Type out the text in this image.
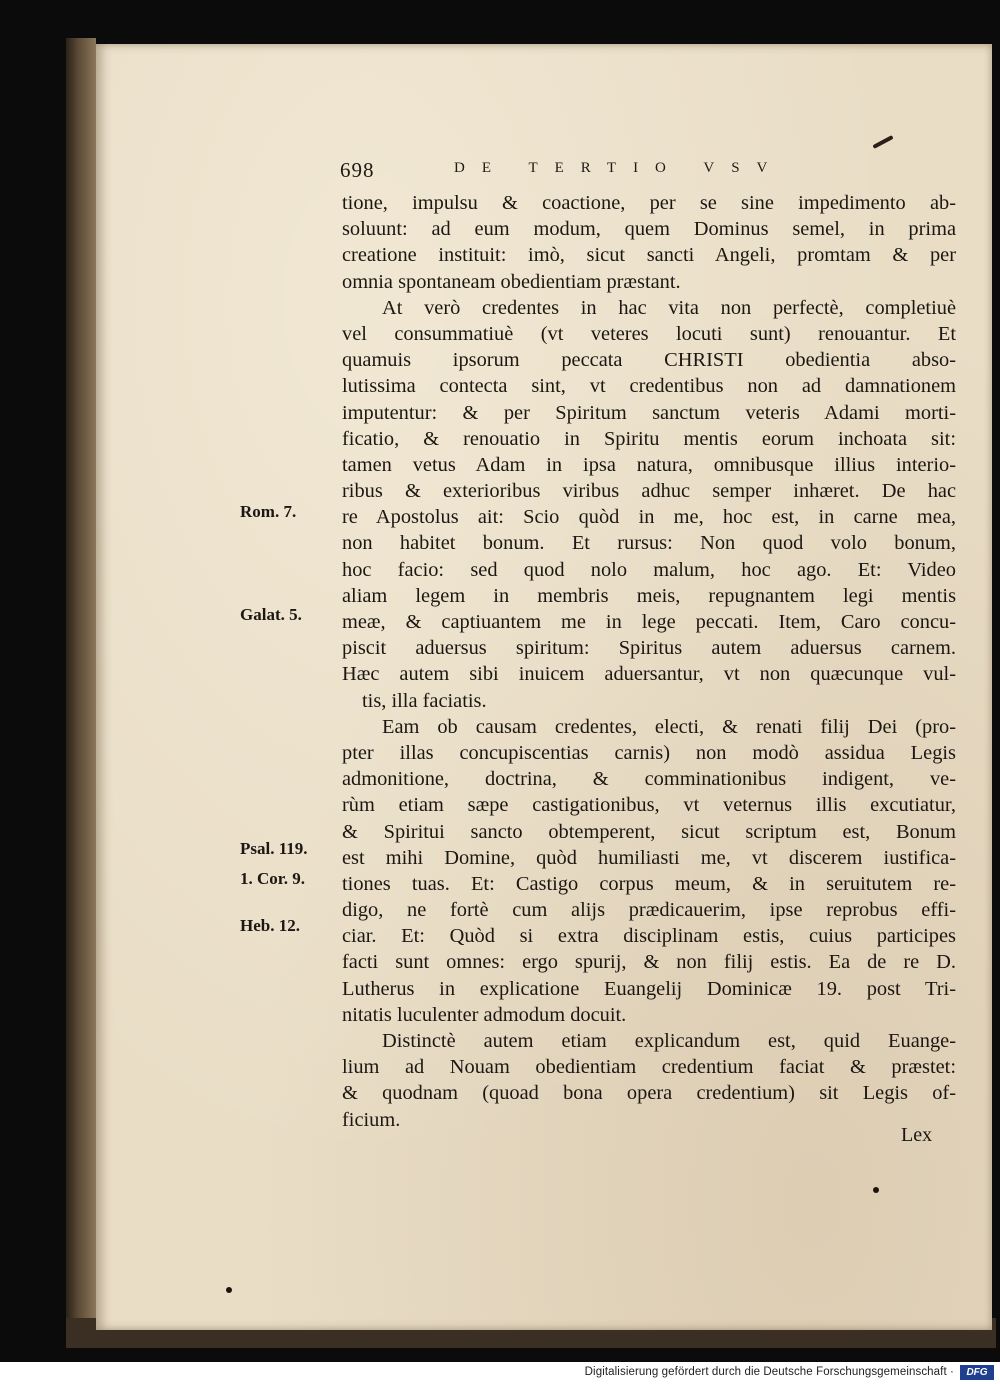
698	DE TERTIO VSV
tione, impulsu & coactione, per se sine impedimento ab-
soluunt: ad eum modum, quem Dominus semel, in prima
creatione instituit: imò, sicut sancti Angeli, promtam & per
omnia spontaneam obedientiam præstant.
At verò credentes in hac vita non perfectè, completiuè
vel consummatiuè (vt veteres locuti sunt) renouantur. Et
quamuis ipsorum peccata CHRISTI obedientia abso-
lutissima contecta sint, vt credentibus non ad damnationem
imputentur: & per Spiritum sanctum veteris Adami morti-
ficatio, & renouatio in Spiritu mentis eorum inchoata sit:
tamen vetus Adam in ipsa natura, omnibusque illius interio-
ribus & exterioribus viribus adhuc semper inhæret. De hac
re Apostolus ait: Scio quòd in me, hoc est, in carne mea,
non habitet bonum. Et rursus: Non quod volo bonum,
hoc facio: sed quod nolo malum, hoc ago. Et: Video
aliam legem in membris meis, repugnantem legi mentis
meæ, & captiuantem me in lege peccati. Item, Caro concu-
piscit aduersus spiritum: Spiritus autem aduersus carnem.
Hæc autem sibi inuicem aduersantur, vt non quæcunque vul-
tis, illa faciatis.
Eam ob causam credentes, electi, & renati filij Dei (pro-
pter illas concupiscentias carnis) non modò assidua Legis
admonitione, doctrina, & comminationibus indigent, ve-
rùm etiam sæpe castigationibus, vt veternus illis excutiatur,
& Spiritui sancto obtemperent, sicut scriptum est, Bonum
est mihi Domine, quòd humiliasti me, vt discerem iustifica-
tiones tuas. Et: Castigo corpus meum, & in seruitutem re-
digo, ne fortè cum alijs prædicauerim, ipse reprobus effi-
ciar. Et: Quòd si extra disciplinam estis, cuius participes
facti sunt omnes: ergo spurij, & non filij estis. Ea de re D.
Lutherus in explicatione Euangelij Dominicæ 19. post Tri-
nitatis luculenter admodum docuit.
Distinctè autem etiam explicandum est, quid Euange-
lium ad Nouam obedientiam credentium faciat & præstet:
& quodnam (quoad bona opera credentium) sit Legis of-
ficium.
Rom. 7.
Galat. 5.
Psal. 119.
1. Cor. 9.
Heb. 12.
Lex
Digitalisierung gefördert durch die Deutsche Forschungsgemeinschaft ·	DFG
